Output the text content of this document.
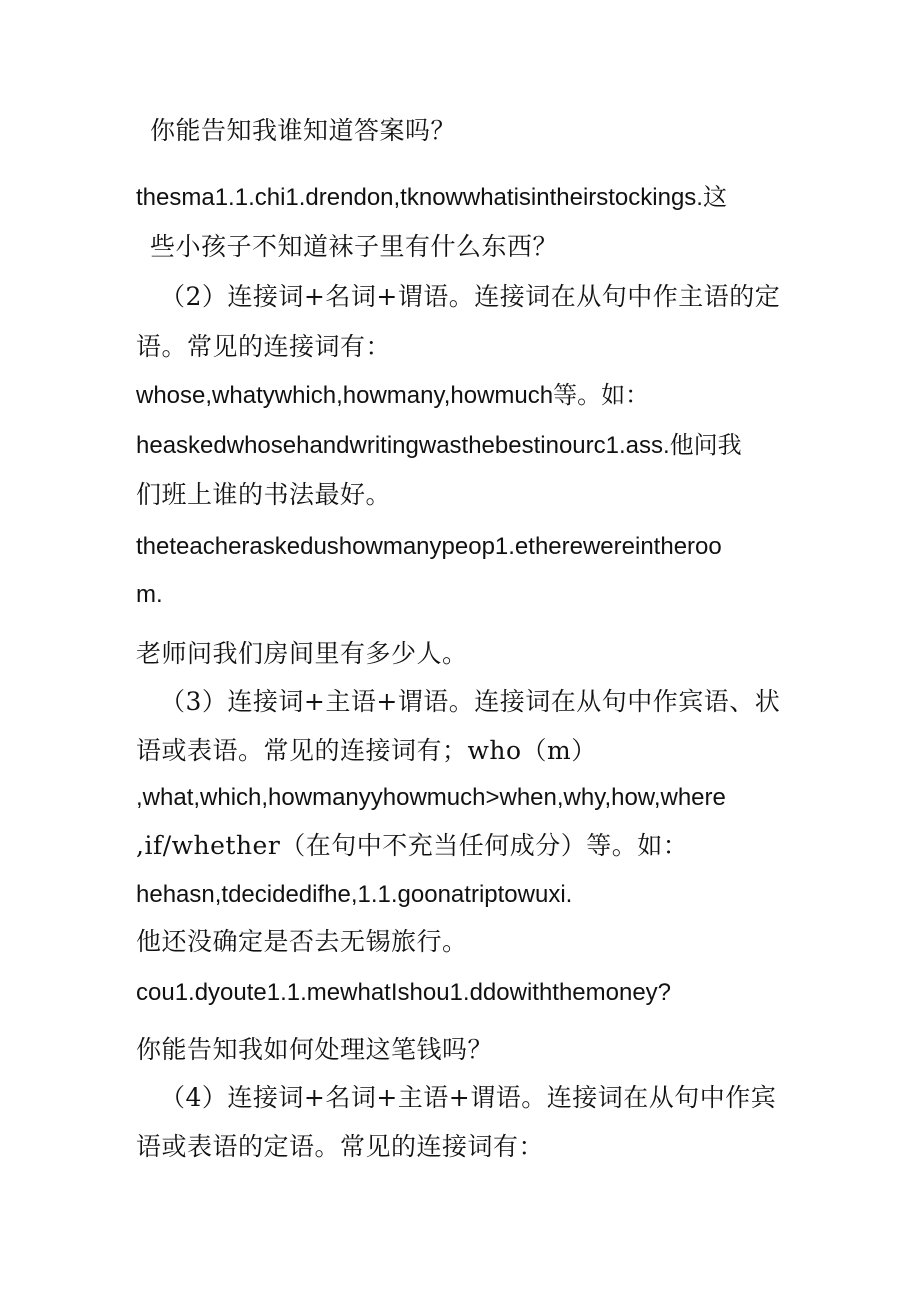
你能告知我谁知道答案吗？
thesma1.1.chi1.drendon,tknowwhatisintheirstockings.这
些小孩子不知道袜子里有什么东西？
（2）连接词+名词+谓语。连接词在从句中作主语的定
语。常见的连接词有：
whose,whatywhich,howmany,howmuch等。如：
heaskedwhosehandwritingwasthebestinourc1.ass.他问我
们班上谁的书法最好。
theteacheraskedushowmanypeop1.etherewereintheroo
m.
老师问我们房间里有多少人。
（3）连接词+主语+谓语。连接词在从句中作宾语、状
语或表语。常见的连接词有；who（m）
,what,which,howmanyyhowmuch>when,why,how,where
,if/whether（在句中不充当任何成分）等。如：
hehasn,tdecidedifhe,1.1.goonatriptowuxi.
他还没确定是否去无锡旅行。
cou1.dyoute1.1.mewhatIshou1.ddowiththemoney?
你能告知我如何处理这笔钱吗？
（4）连接词+名词+主语+谓语。连接词在从句中作宾
语或表语的定语。常见的连接词有：
